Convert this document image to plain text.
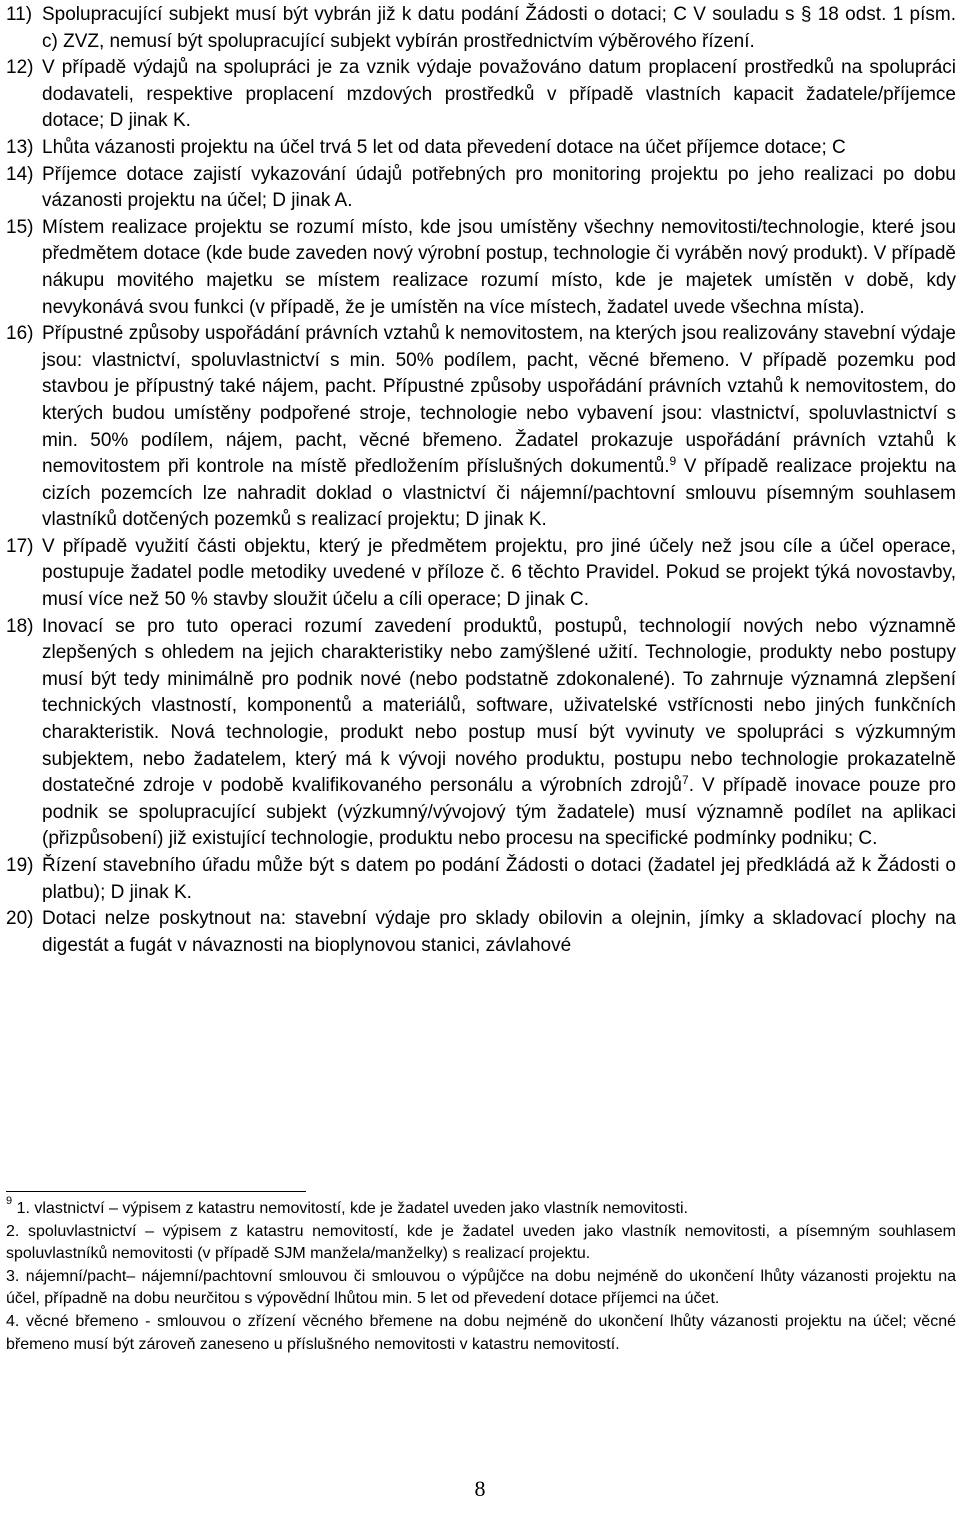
11) Spolupracující subjekt musí být vybrán již k datu podání Žádosti o dotaci; C V souladu s § 18 odst. 1 písm. c) ZVZ, nemusí být spolupracující subjekt vybírán prostřednictvím výběrového řízení.
12) V případě výdajů na spolupráci je za vznik výdaje považováno datum proplacení prostředků na spolupráci dodavateli, respektive proplacení mzdových prostředků v případě vlastních kapacit žadatele/příjemce dotace; D jinak K.
13) Lhůta vázanosti projektu na účel trvá 5 let od data převedení dotace na účet příjemce dotace; C
14) Příjemce dotace zajistí vykazování údajů potřebných pro monitoring projektu po jeho realizaci po dobu vázanosti projektu na účel; D jinak A.
15) Místem realizace projektu se rozumí místo, kde jsou umístěny všechny nemovitosti/technologie, které jsou předmětem dotace (kde bude zaveden nový výrobní postup, technologie či vyráběn nový produkt). V případě nákupu movitého majetku se místem realizace rozumí místo, kde je majetek umístěn v době, kdy nevykonává svou funkci (v případě, že je umístěn na více místech, žadatel uvede všechna místa).
16) Přípustné způsoby uspořádání právních vztahů k nemovitostem, na kterých jsou realizovány stavební výdaje jsou: vlastnictví, spoluvlastnictví s min. 50% podílem, pacht, věcné břemeno. V případě pozemku pod stavbou je přípustný také nájem, pacht. Přípustné způsoby uspořádání právních vztahů k nemovitostem, do kterých budou umístěny podpořené stroje, technologie nebo vybavení jsou: vlastnictví, spoluvlastnictví s min. 50% podílem, nájem, pacht, věcné břemeno. Žadatel prokazuje uspořádání právních vztahů k nemovitostem při kontrole na místě předložením příslušných dokumentů.$^9$ V případě realizace projektu na cizích pozemcích lze nahradit doklad o vlastnictví či nájemní/pachtovní smlouvu písemným souhlasem vlastníků dotčených pozemků s realizací projektu; D jinak K.
17) V případě využití části objektu, který je předmětem projektu, pro jiné účely než jsou cíle a účel operace, postupuje žadatel podle metodiky uvedené v příloze č. 6 těchto Pravidel. Pokud se projekt týká novostavby, musí více než 50 % stavby sloužit účelu a cíli operace; D jinak C.
18) Inovací se pro tuto operaci rozumí zavedení produktů, postupů, technologií nových nebo významně zlepšených s ohledem na jejich charakteristiky nebo zamýšlené užití. Technologie, produkty nebo postupy musí být tedy minimálně pro podnik nové (nebo podstatně zdokonalené). To zahrnuje významná zlepšení technických vlastností, komponentů a materiálů, software, uživatelské vstřícnosti nebo jiných funkčních charakteristik. Nová technologie, produkt nebo postup musí být vyvinuty ve spolupráci s výzkumným subjektem, nebo žadatelem, který má k vývoji nového produktu, postupu nebo technologie prokazatelně dostatečné zdroje v podobě kvalifikovaného personálu a výrobních zdrojů$^7$. V případě inovace pouze pro podnik se spolupracující subjekt (výzkumný/vývojový tým žadatele) musí významně podílet na aplikaci (přizpůsobení) již existující technologie, produktu nebo procesu na specifické podmínky podniku; C.
19) Řízení stavebního úřadu může být s datem po podání Žádosti o dotaci (žadatel jej předkládá až k Žádosti o platbu); D jinak K.
20) Dotaci nelze poskytnout na: stavební výdaje pro sklady obilovin a olejnin, jímky a skladovací plochy na digestát a fugát v návaznosti na bioplynovou stanici, závlahové

$^9$ 1. vlastnictví – výpisem z katastru nemovitostí, kde je žadatel uveden jako vlastník nemovitosti.

2. spoluvlastnictví – výpisem z katastru nemovitostí, kde je žadatel uveden jako vlastník nemovitosti, a písemným souhlasem spoluvlastníků nemovitosti (v případě SJM manžela/manželky) s realizací projektu.

3. nájemní/pacht– nájemní/pachtovní smlouvou či smlouvou o výpůjčce na dobu nejméně do ukončení lhůty vázanosti projektu na účel, případně na dobu neurčitou s výpovědní lhůtou min. 5 let od převedení dotace příjemci na účet.

4. věcné břemeno - smlouvou o zřízení věcného břemene na dobu nejméně do ukončení lhůty vázanosti projektu na účel; věcné břemeno musí být zároveň zaneseno u příslušného nemovitosti v katastru nemovitostí.

8
